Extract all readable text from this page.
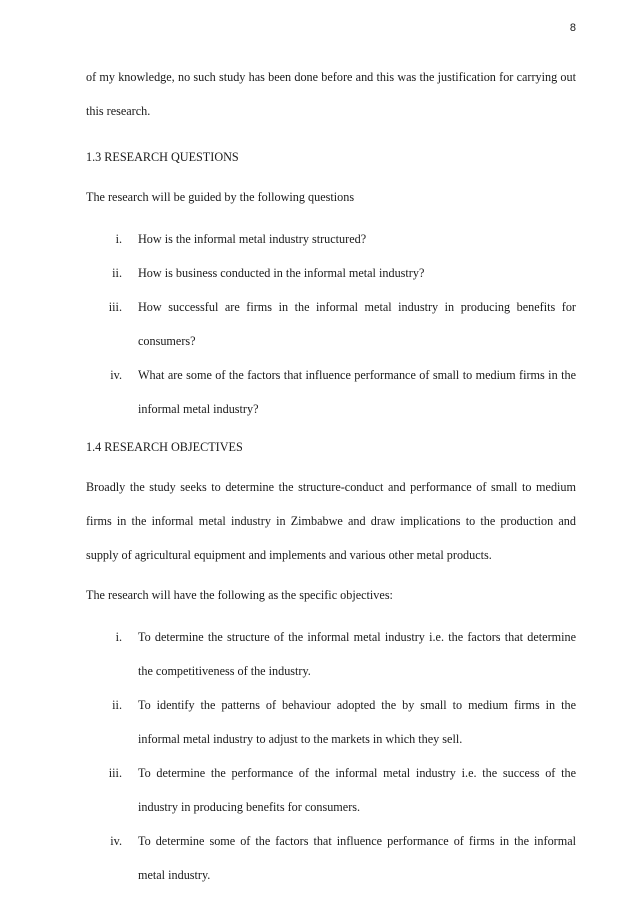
8

of my knowledge, no such study has been done before and this was the justification for carrying out this research.

1.3 RESEARCH QUESTIONS

The research will be guided by the following questions

i. How is the informal metal industry structured?
ii. How is business conducted in the informal metal industry?
iii. How successful are firms in the informal metal industry in producing benefits for consumers?
iv. What are some of the factors that influence performance of small to medium firms in the informal metal industry?
1.4 RESEARCH OBJECTIVES

Broadly the study seeks to determine the structure-conduct and performance of small to medium firms in the informal metal industry in Zimbabwe and draw implications to the production and supply of agricultural equipment and implements and various other metal products.

The research will have the following as the specific objectives:

i. To determine the structure of the informal metal industry i.e. the factors that determine the competitiveness of the industry.
ii. To identify the patterns of behaviour adopted the by small to medium firms in the informal metal industry to adjust to the markets in which they sell.
iii. To determine the performance of the informal metal industry i.e. the success of the industry in producing benefits for consumers.
iv. To determine some of the factors that influence performance of firms in the informal metal industry.
